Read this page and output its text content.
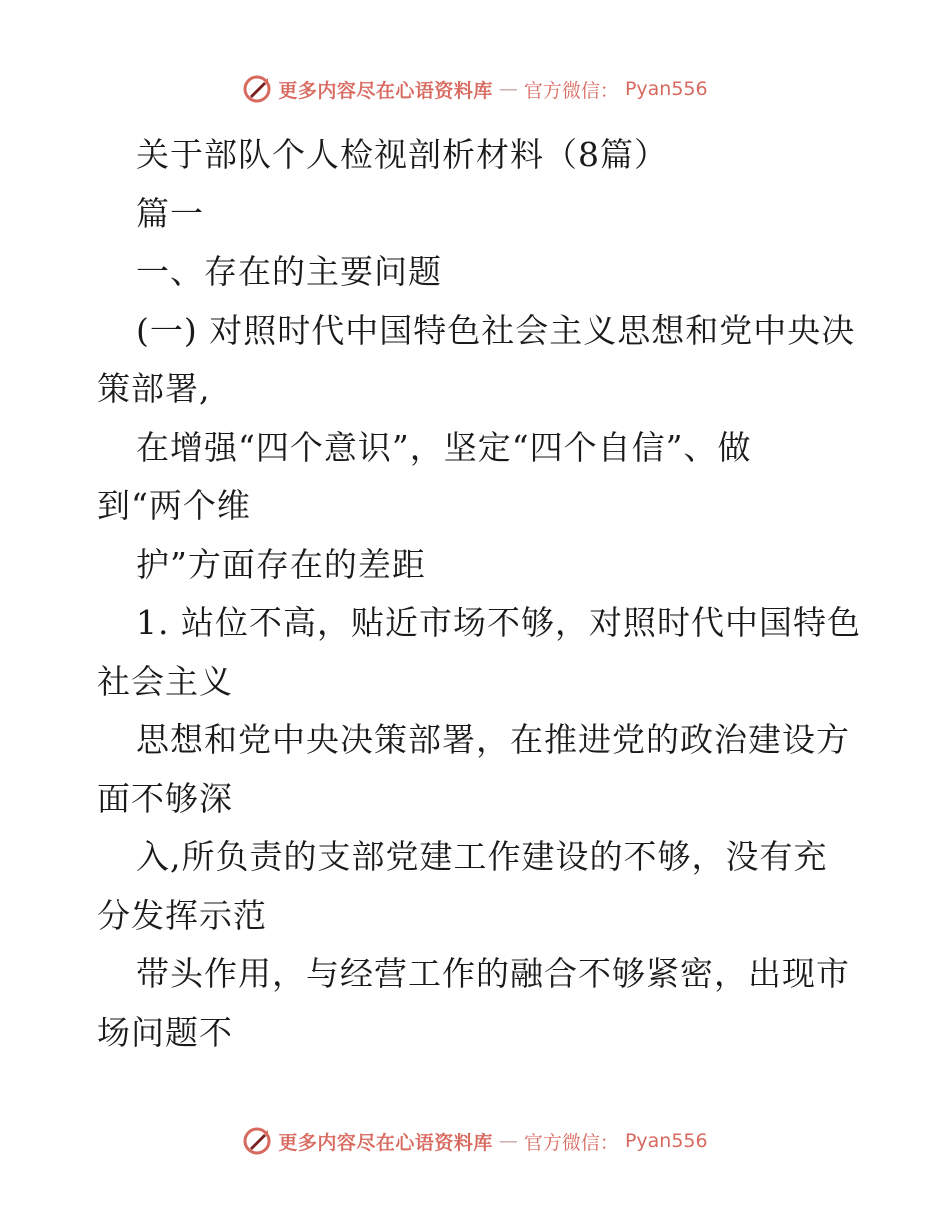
更多内容尽在心语资料库 — 官方微信： Pyan556
关于部队个人检视剖析材料（8篇）
篇一
一、存在的主要问题
(一) 对照时代中国特色社会主义思想和党中央决
策部署,
在增强“四个意识”，坚定“四个自信”、做
到“两个维
护”方面存在的差距
1. 站位不高，贴近市场不够，对照时代中国特色
社会主义
思想和党中央决策部署，在推进党的政治建设方
面不够深
入,所负责的支部党建工作建设的不够，没有充
分发挥示范
带头作用，与经营工作的融合不够紧密，出现市
场问题不
更多内容尽在心语资料库 — 官方微信： Pyan556
